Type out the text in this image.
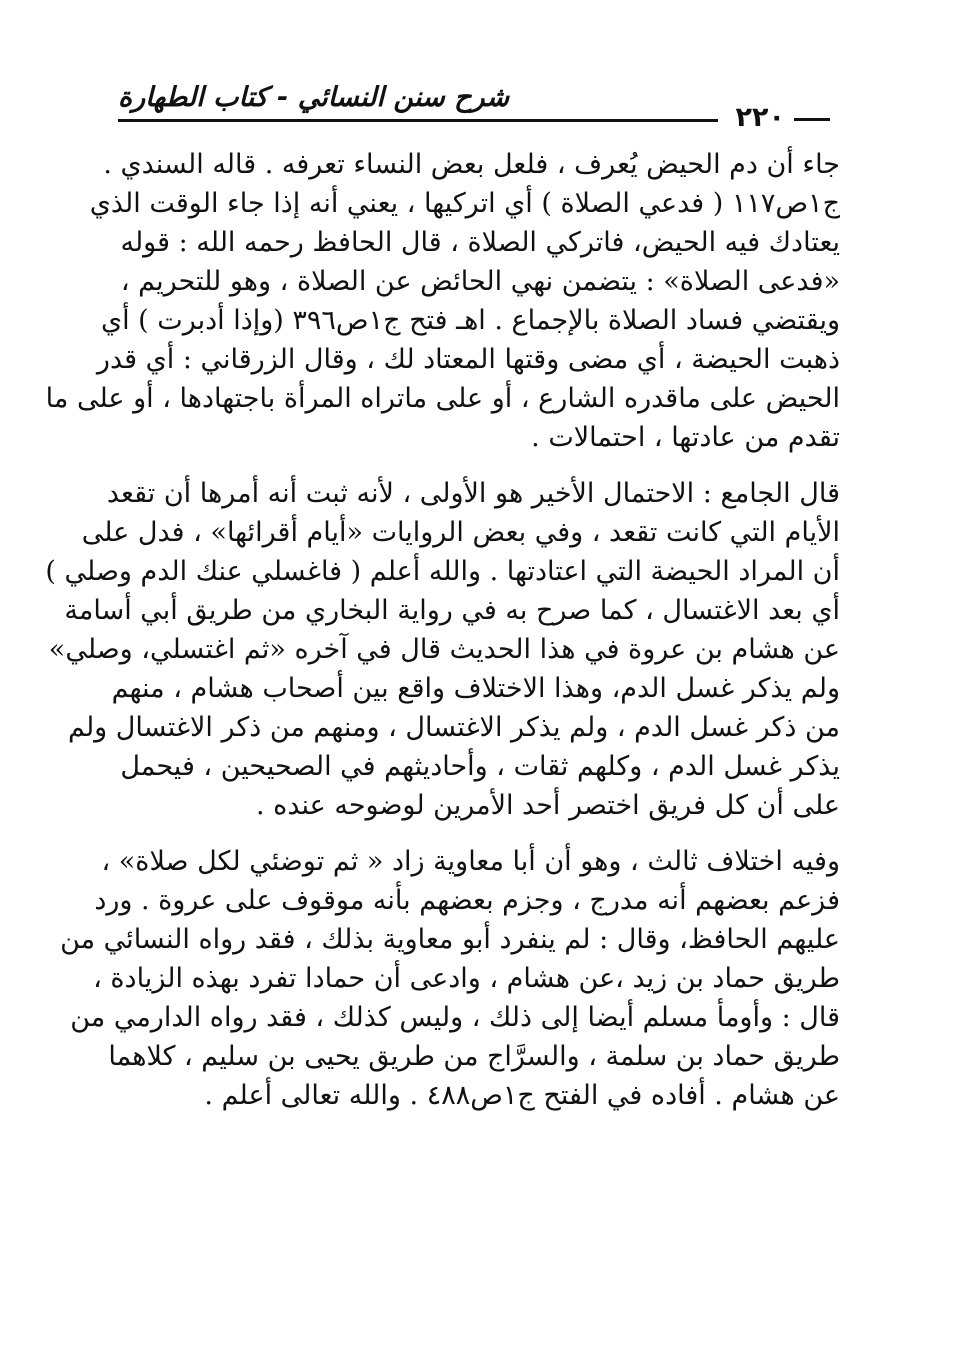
٢٢٠
شرح سنن النسائي - كتاب الطهارة
جاء أن دم الحيض يُعرف ، فلعل بعض النساء تعرفه . قاله السندي .
ج١ص١١٧ ( فدعي الصلاة ) أي اتركيها ، يعني أنه إذا جاء الوقت الذي
يعتادك فيه الحيض، فاتركي الصلاة ، قال الحافظ رحمه الله : قوله
«فدعى الصلاة» : يتضمن نهي الحائض عن الصلاة ، وهو للتحريم ،
ويقتضي فساد الصلاة بالإجماع . اهـ فتح ج١ص٣٩٦ (وإذا أدبرت ) أي
ذهبت الحيضة ، أي مضى وقتها المعتاد لك ، وقال الزرقاني : أي قدر
الحيض على ماقدره الشارع ، أو على ماتراه المرأة باجتهادها ، أو على ما
تقدم من عادتها ، احتمالات .
قال الجامع : الاحتمال الأخير هو الأولى ، لأنه ثبت أنه أمرها أن تقعد
الأيام التي كانت تقعد ، وفي بعض الروايات «أيام أقرائها» ، فدل على
أن المراد الحيضة التي اعتادتها . والله أعلم ( فاغسلي عنك الدم وصلي )
أي بعد الاغتسال ، كما صرح به في رواية البخاري من طريق أبي أسامة
عن هشام بن عروة في هذا الحديث قال في آخره «ثم اغتسلي، وصلي»
ولم يذكر غسل الدم، وهذا الاختلاف واقع بين أصحاب هشام ، منهم
من ذكر غسل الدم ، ولم يذكر الاغتسال ، ومنهم من ذكر الاغتسال ولم
يذكر غسل الدم ، وكلهم ثقات ، وأحاديثهم في الصحيحين ، فيحمل
على أن كل فريق اختصر أحد الأمرين لوضوحه عنده .
وفيه اختلاف ثالث ، وهو أن أبا معاوية زاد « ثم توضئي لكل صلاة» ،
فزعم بعضهم أنه مدرج ، وجزم بعضهم بأنه موقوف على عروة . ورد
عليهم الحافظ، وقال : لم ينفرد أبو معاوية بذلك ، فقد رواه النسائي من
طريق حماد بن زيد ،عن هشام ، وادعى أن حمادا تفرد بهذه الزيادة ،
قال : وأومأ مسلم أيضا إلى ذلك ، وليس كذلك ، فقد رواه الدارمي من
طريق حماد بن سلمة ، والسرَّاج من طريق يحيى بن سليم ، كلاهما
عن هشام . أفاده في الفتح ج١ص٤٨٨ . والله تعالى أعلم .
